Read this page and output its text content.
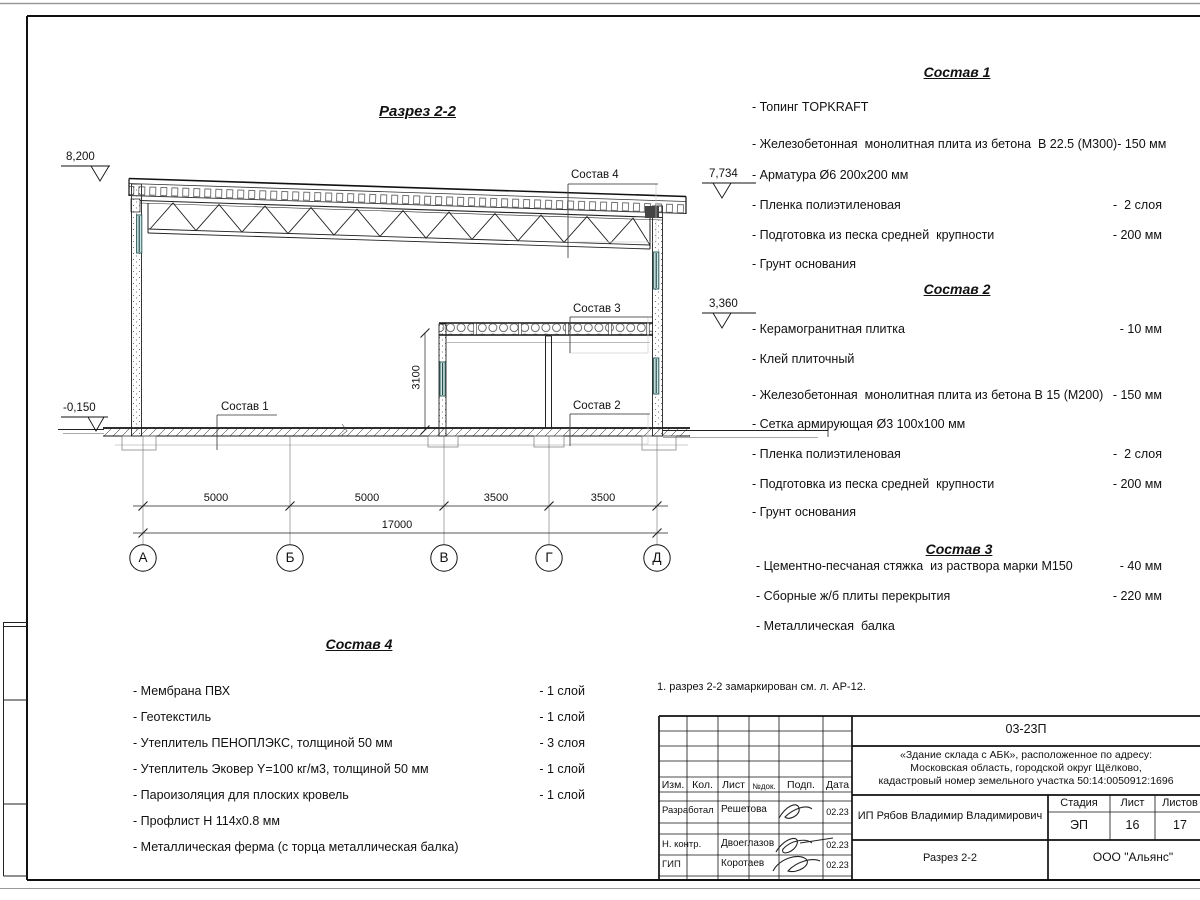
Разрез 2-2
8,200
7,734
3,360
-0,150
Состав 4
Состав 3
Состав 2
Состав 1
5000	5000	3500	3500
17000
3100
А	Б	В	Г	Д
Состав 1
- Топинг TOPKRAFT
- Железобетонная  монолитная плита из бетона  В 22.5 (М300)- 150 мм
- Арматура Ø6 200х200 мм
- Пленка полиэтиленовая	-  2 слоя
- Подготовка из песка средней  крупности	- 200 мм
- Грунт основания
Состав 2
- Керамогранитная плитка	- 10 мм
- Клей плиточный
- Железобетонная  монолитная плита из бетона В 15 (М200) - 150 мм
- Сетка армирующая Ø3 100х100 мм
- Пленка полиэтиленовая	-  2 слоя
- Подготовка из песка средней  крупности	- 200 мм
- Грунт основания
Состав 3
- Цементно-песчаная стяжка  из раствора марки М150	- 40 мм
- Сборные ж/б плиты перекрытия	- 220 мм
- Металлическая  балка
Состав 4
- Мембрана ПВХ	- 1 слой
- Геотекстиль	- 1 слой
- Утеплитель ПЕНОПЛЭКС, толщиной 50 мм	- 3 слоя
- Утеплитель Эковер Y=100 кг/м3, толщиной 50 мм	- 1 слой
- Пароизоляция для плоских кровель	- 1 слой
- Профлист Н 114х0.8 мм
- Металлическая ферма (с торца металлическая балка)
1. разрез 2-2 замаркирован см. л. АР-12.
03-23П
«Здание склада с АБК», расположенное по адресу:
Московская область, городской округ Щёлково,
кадастровый номер земельного участка 50:14:0050912:1696
Изм. Кол. Лист №док.	Подп.	Дата
Разработал Решетова	02.23
Н. контр. Двоеглазов	02.23
ГИП	Коротаев	02.23
ИП Рябов Владимир Владимирович
Стадия	Лист	Листов
ЭП	16	17
Разрез 2-2	ООО "Альянс"
